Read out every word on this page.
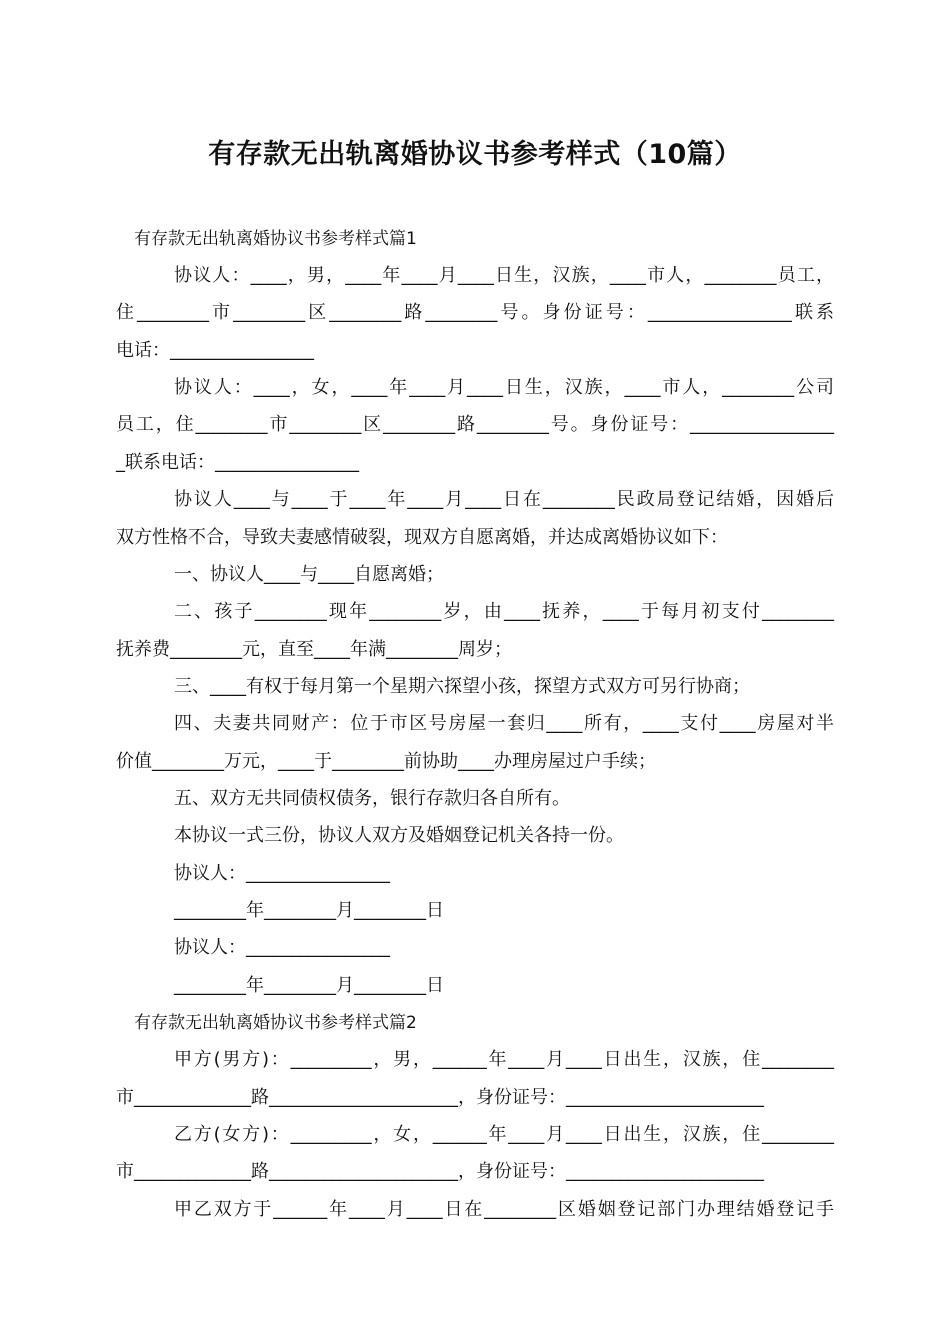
有存款无出轨离婚协议书参考样式（10篇）
有存款无出轨离婚协议书参考样式篇1
协议人：____，男，____年____月____日生，汉族，____市人，________员工，
住________市________区________路________号。身份证号：________________联系
电话：________________
协议人：____，女，____年____月____日生，汉族，____市人，________公司
员工，住________市________区________路________号。身份证号：________________
_联系电话：________________
协议人____与____于____年____月____日在________民政局登记结婚，因婚后
双方性格不合，导致夫妻感情破裂，现双方自愿离婚，并达成离婚协议如下：
一、协议人____与____自愿离婚；
二、孩子________现年________岁，由____抚养，____于每月初支付________
抚养费________元，直至____年满________周岁；
三、____有权于每月第一个星期六探望小孩，探望方式双方可另行协商；
四、夫妻共同财产：位于市区号房屋一套归____所有，____支付____房屋对半
价值________万元，____于________前协助____办理房屋过户手续；
五、双方无共同债权债务，银行存款归各自所有。
本协议一式三份，协议人双方及婚姻登记机关各持一份。
协议人：________________
________年________月________日
协议人：________________
________年________月________日
有存款无出轨离婚协议书参考样式篇2
甲方(男方)：_________，男，______年____月____日出生，汉族，住________
市_____________路_____________________，身份证号：______________________
乙方(女方)：_________，女，______年____月____日出生，汉族，住________
市_____________路_____________________，身份证号：______________________
甲乙双方于______年____月____日在________区婚姻登记部门办理结婚登记手
